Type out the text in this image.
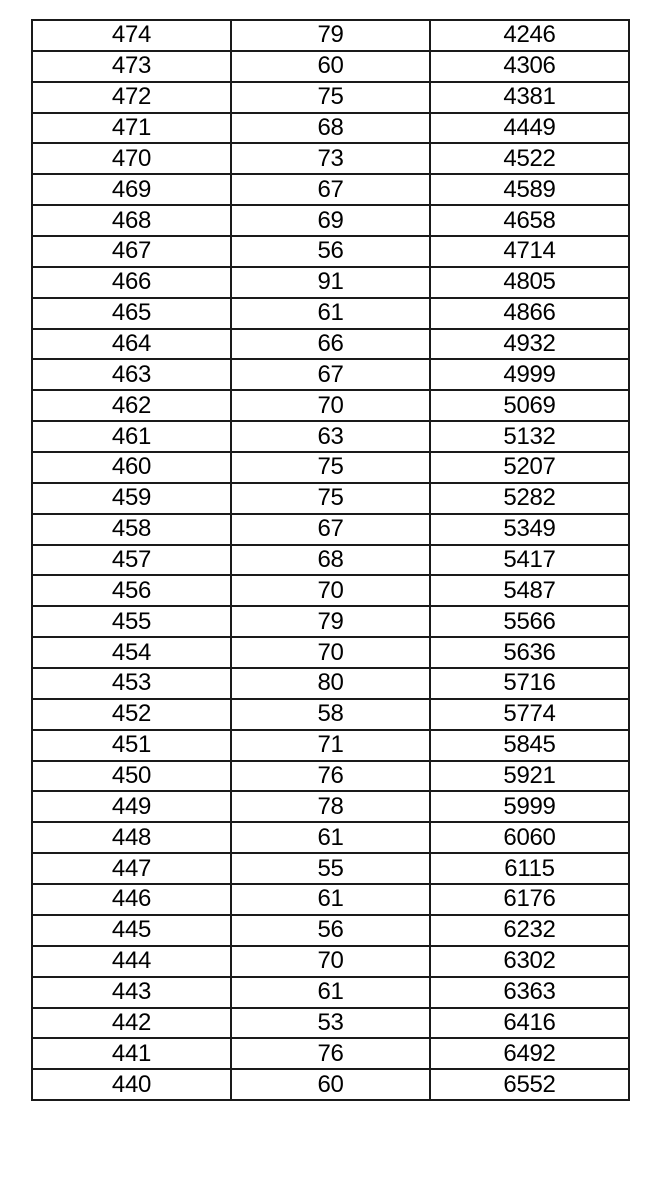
474	79	4246
473	60	4306
472	75	4381
471	68	4449
470	73	4522
469	67	4589
468	69	4658
467	56	4714
466	91	4805
465	61	4866
464	66	4932
463	67	4999
462	70	5069
461	63	5132
460	75	5207
459	75	5282
458	67	5349
457	68	5417
456	70	5487
455	79	5566
454	70	5636
453	80	5716
452	58	5774
451	71	5845
450	76	5921
449	78	5999
448	61	6060
447	55	6115
446	61	6176
445	56	6232
444	70	6302
443	61	6363
442	53	6416
441	76	6492
440	60	6552
